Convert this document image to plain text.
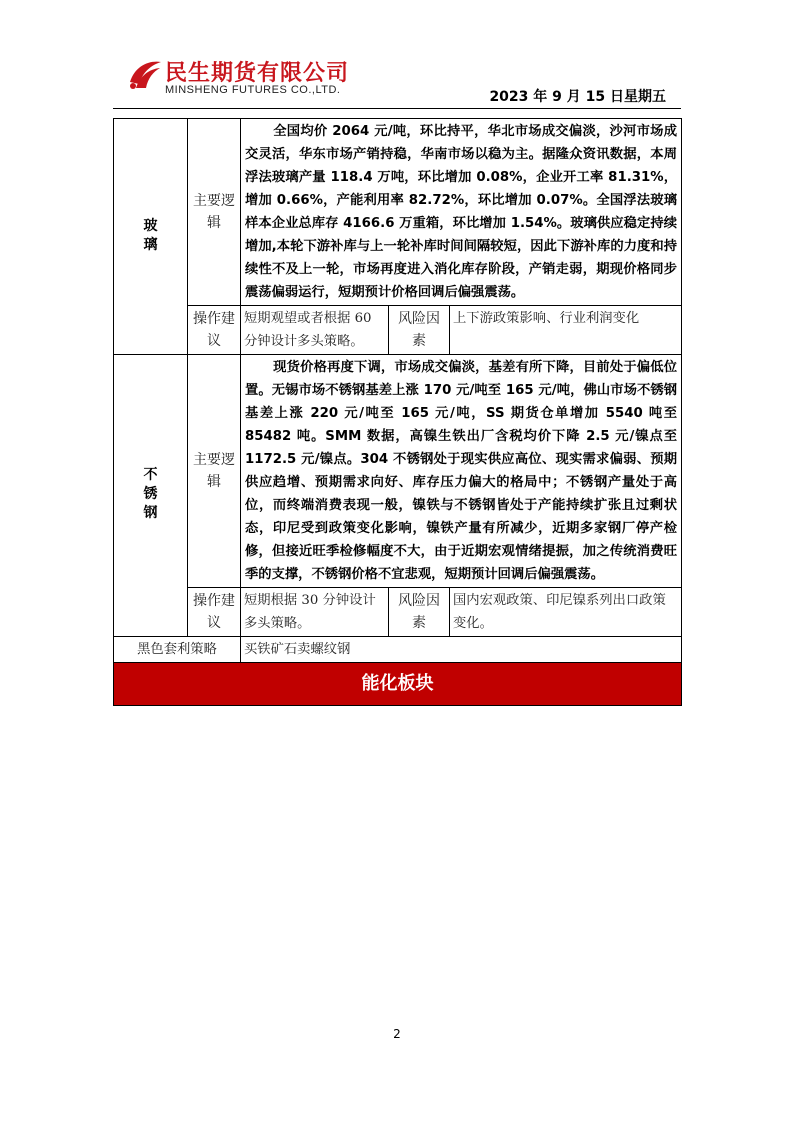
民生期货有限公司
MINSHENG FUTURES CO.,LTD.	2023 年 9 月 15 日星期五
玻璃	主要逻辑	全国均价 2064 元/吨，环比持平，华北市场成交偏淡，沙河市场成交灵活，华东市场产销持稳，华南市场以稳为主。据隆众资讯数据，本周浮法玻璃产量 118.4 万吨，环比增加 0.08%，企业开工率 81.31%，增加 0.66%，产能利用率 82.72%，环比增加 0.07%。全国浮法玻璃样本企业总库存 4166.6 万重箱，环比增加 1.54%。玻璃供应稳定持续增加,本轮下游补库与上一轮补库时间间隔较短，因此下游补库的力度和持续性不及上一轮，市场再度进入消化库存阶段，产销走弱，期现价格同步震荡偏弱运行，短期预计价格回调后偏强震荡。		
	操作建议	短期观望或者根据 60 分钟设计多头策略。	风险因素	上下游政策影响、行业利润变化
不锈钢	主要逻辑	现货价格再度下调，市场成交偏淡，基差有所下降，目前处于偏低位置。无锡市场不锈钢基差上涨 170 元/吨至 165 元/吨，佛山市场不锈钢基差上涨 220 元/吨至 165 元/吨，SS 期货仓单增加 5540 吨至 85482 吨。SMM 数据，高镍生铁出厂含税均价下降 2.5 元/镍点至 1172.5 元/镍点。304 不锈钢处于现实供应高位、现实需求偏弱、预期供应趋增、预期需求向好、库存压力偏大的格局中；不锈钢产量处于高位，而终端消费表现一般，镍铁与不锈钢皆处于产能持续扩张且过剩状态，印尼受到政策变化影响，镍铁产量有所减少，近期多家钢厂停产检修，但接近旺季检修幅度不大，由于近期宏观情绪提振，加之传统消费旺季的支撑，不锈钢价格不宜悲观，短期预计回调后偏强震荡。		
	操作建议	短期根据 30 分钟设计多头策略。	风险因素	国内宏观政策、印尼镍系列出口政策变化。
黑色套利策略		买铁矿石卖螺纹钢		
能化板块				
2
